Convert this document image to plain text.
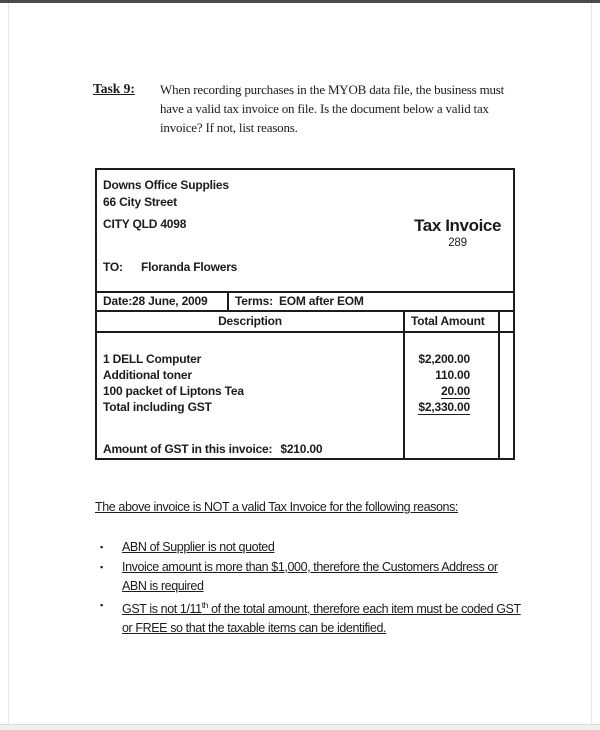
Task 9: When recording purchases in the MYOB data file, the business must have a valid tax invoice on file. Is the document below a valid tax invoice? If not, list reasons.
Downs Office Supplies
66 City Street
CITY QLD 4098	Tax Invoice
289
TO: Floranda Flowers
Date:28 June, 2009 Terms: EOM after EOM
Description	Total Amount
1 DELL Computer	$2,200.00
Additional toner	110.00
100 packet of Liptons Tea	20.00
Total including GST	$2,330.00
Amount of GST in this invoice: $210.00
The above invoice is NOT a valid Tax Invoice for the following reasons:
▪	ABN of Supplier is not quoted
▪	Invoice amount is more than $1,000, therefore the Customers Address or ABN is required
▪	GST is not 1/11th of the total amount, therefore each item must be coded GST or FREE so that the taxable items can be identified.
